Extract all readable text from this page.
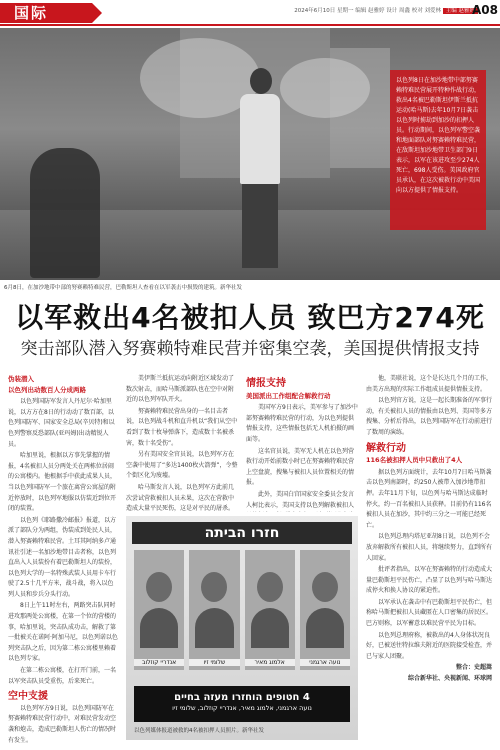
国际	2024年6月10日 星期一 编辑 赵雅婷 设计 周鑫 校对 刘爱林 主编 赵雅婷
A08
以色列8日在加沙地带中部努赛赖特难民营展开特种作战行动，救出4名被巴勒斯坦伊斯兰抵抗运动(哈马斯)去年10月7日袭击以色列时掳劫到加沙的扣押人员。行动期间，以色列军警空袭和地面部队对努赛赖特难民营，在敌斯坦加沙地带卫生部门9日表示，以军在该进攻至少274人死亡，698人受伤。美国政府官员承认，在这次被救行动中美国向以方提供了情报支持。
6月8日，在加沙地带中部的努赛赖特难民营，巴勒斯坦人查看在以军袭击中损毁的建筑。新华社发
以军救出4名被扣人员 致巴方274死
突击部队潜入努赛赖特难民营并密集空袭，美国提供情报支持
伪装潜入
以色列出动数百人分成两路

以色列国防军发言人丹尼尔·哈加里说，以方方在8日的行动动了数百部，以色列国防军、国家安全总局(辛贝特)和以色列警察反恐部队(亚玛姆)出动精锐人员。

哈加里说，根据以方事先掌握的情报，4名被扣人员分两处关在两栋位居闹的公寓楼内。他根据手中获此成果人员，当以色列国防军一个旅在离营公寓屋的附近停放时，以色列军地服以仿装近到位开闭的装置。

以色列《耶路撒冷邮报》报道，以方派了部队分为两组，伪装成到处民人员，潜入努赛赖特难民营。土耳其阿纳多卢通讯社引述一名加沙地带目击者称，以色列直出入人员装扮有着巴勒斯坦人的装扮，以色列大学的一名特殊武装人员用卡车行驶了2.5十几平方米，战斗战，将入以色列人员和步兵分头行动。

8日上午11时左右，两路突击队同时进攻那两处公寓楼，在第一个位的营楼的事，哈加里说，突击队成功击，解救了第一批被关在诺阿·阿加马尼，以色列诺以色列突击队之后，因为第二栋公寓楼里赖着以色列专家。

在第二栋公寓楼，在打开门前，一名以军突击队员受重伤，后来死亡。

空中支援

以色列军方9日说，以色列国防军在努赛赖特难民营行动中，对难民营发动空袭和炮击，造成巴勒斯坦人伤亡的情况时有发生。

美伊斯兰抵抗运动向附近区域发动了数次射击，而哈马斯派部队也在空中对附近的以色列军队开火。

努赛赖特难民营出身的一名目击者说，以色列战斗机和直升机以“我们从空中看到了数十枚导弹落下，造成数十名被杀害，数十名受伤”。

另有美国安全官员说，以色列军方在空袭中使用了“多达1400枚火箭弹”，令整个街区化为废墟。

哈马斯发言人说，以色列军方此前几次尝试营救被扣人员未果，这次在营救中造成大量平民死伤，这是对平民的屠杀。

情报支持
美国派出工作组配合解救行动

美国军方9日表示，美军参与了加沙中部努赛赖特难民营的行动，为以色列提供情报支持，这些情报包括无人机拍摄的画面等。

这名官员说，美军无人机在以色列营救行动开始前数小时已在努赛赖特难民营上空盘旋，搜集与被扣人员位置相关的情报。

此外，美国白宫国家安全委员会发言人柯比表示，美国支持以色列解救被扣人

他，美联社说，这个是长达几个月的工作，由美方出现的实际工作组成员提供情报支持。

以色列官方说，这是一起长期准备的军事行动，有关被扣人员的情报由以色列、美国等多方搜集、分析后得出，以色列国防军在行动前进行了数周的演练。

解救行动
116名被扣押人员中只救出了4人

据以色列方面统计，去年10月7日哈马斯袭击以色列南部时，约250人被带入加沙地带扣押。去年11月下旬，以色列与哈马斯达成临时停火，约一百名被扣人员获释。目前仍有116名被扣人员在加沙，其中约三分之一可能已经死亡。

以色列总理内塔尼亚胡8日说，以色列不会放弃解救所有被扣人员，将继续努力，直到所有人回家。

批评者指出，以军在努赛赖特的行动造成大量巴勒斯坦平民伤亡，凸显了以色列与哈马斯达成停火和换人协议的紧迫性。

以军承认在袭击中有巴勒斯坦平民伤亡，但称哈马斯把被扣人员藏匿在人口密集的居民区。巴方则称，以军蓄意以难民营平民为目标。

以色列总理府称，被救出的4人身体状况良好，已被送往特拉维夫附近的医院接受检查，并已与家人团聚。

整合：史超嵩
综合新华社、央视新闻、环球网
חזרו הביתה
אנדריי קוזלוב	שלומי זיו	אלמוג מאיר	נועה ארגמני
4 חטופים הוחזרו מעזה בחיים
נועה ארגמני, אלמוג מאיר, אנדריי קוזלוב, שלומי זיו
以色列媒体报道被救的4名被扣押人员照片。新华社发
